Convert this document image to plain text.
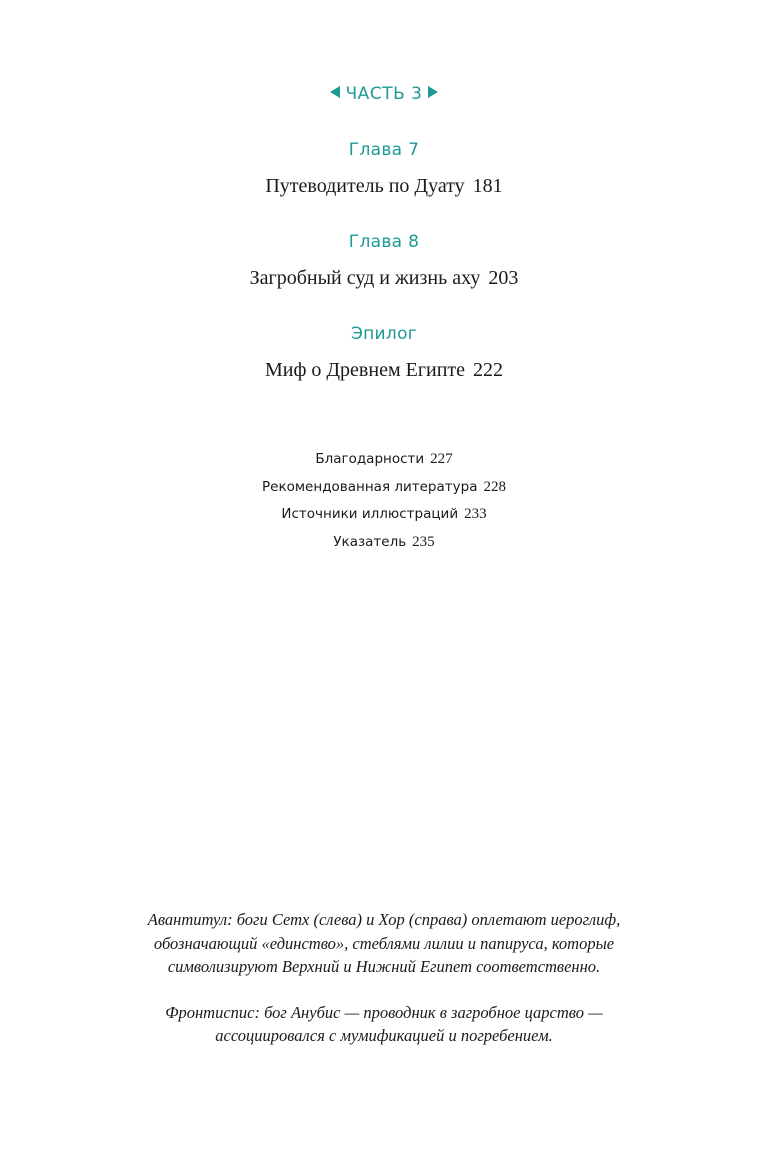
ЧАСТЬ 3
Глава 7
Путеводитель по Дуату 181
Глава 8
Загробный суд и жизнь аху 203
Эпилог
Миф о Древнем Египте 222
Благодарности 227
Рекомендованная литература 228
Источники иллюстраций 233
Указатель 235
Авантитул: боги Сетх (слева) и Хор (справа) оплетают иероглиф,
обозначающий «единство», стеблями лилии и папируса, которые
символизируют Верхний и Нижний Египет соответственно.
Фронтиспис: бог Анубис — проводник в загробное царство —
ассоциировался с мумификацией и погребением.
